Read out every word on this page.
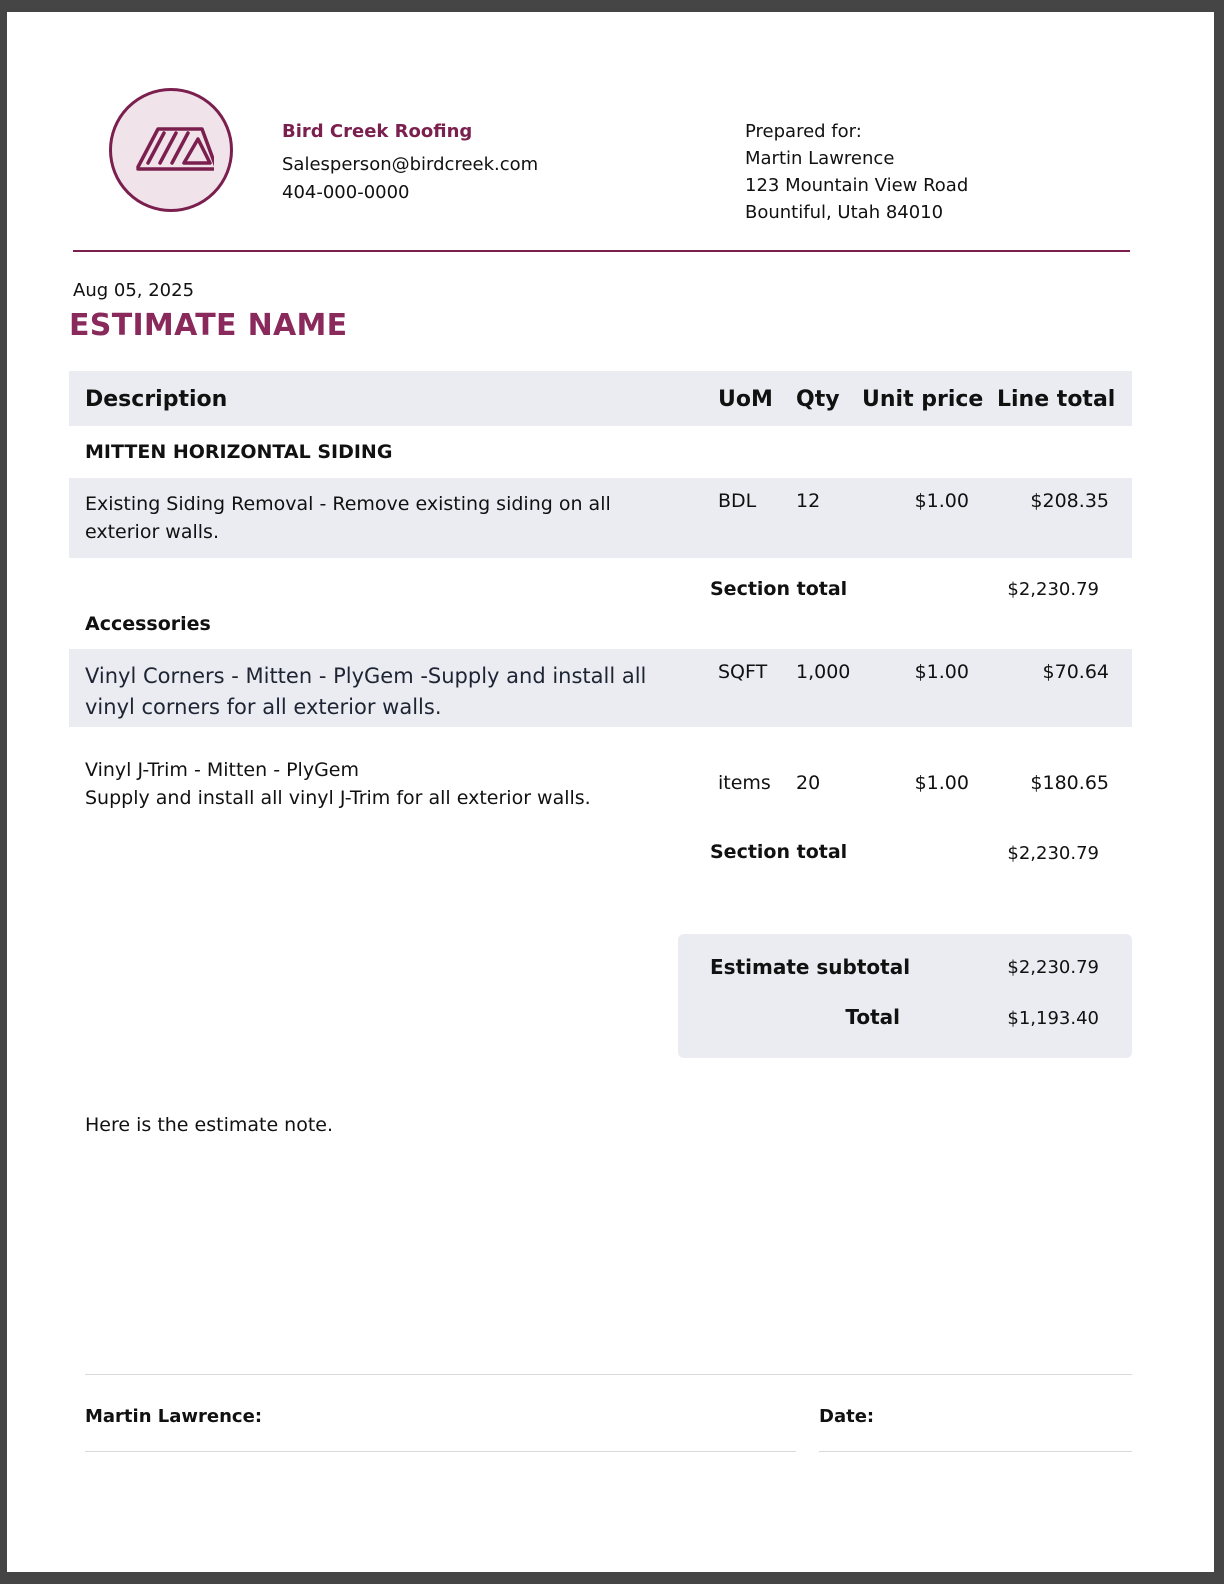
Bird Creek Roofing
Salesperson@birdcreek.com
404-000-0000
Prepared for:
Martin Lawrence
123 Mountain View Road
Bountiful, Utah 84010
Aug 05, 2025
ESTIMATE NAME
Description	UoM Qty Unit price Line total
MITTEN HORIZONTAL SIDING
Existing Siding Removal - Remove existing siding on all exterior walls.
BDL 12	$1.00	$208.35
Section total	$2,230.79
Accessories
Vinyl Corners - Mitten - PlyGem -Supply and install all vinyl corners for all exterior walls.
SQFT 1,000	$1.00	$70.64
Vinyl J-Trim - Mitten - PlyGem
Supply and install all vinyl J-Trim for all exterior walls.
items 20	$1.00	$180.65
Section total	$2,230.79
Estimate subtotal	$2,230.79
Total	$1,193.40
Here is the estimate note.
Martin Lawrence:	Date:
